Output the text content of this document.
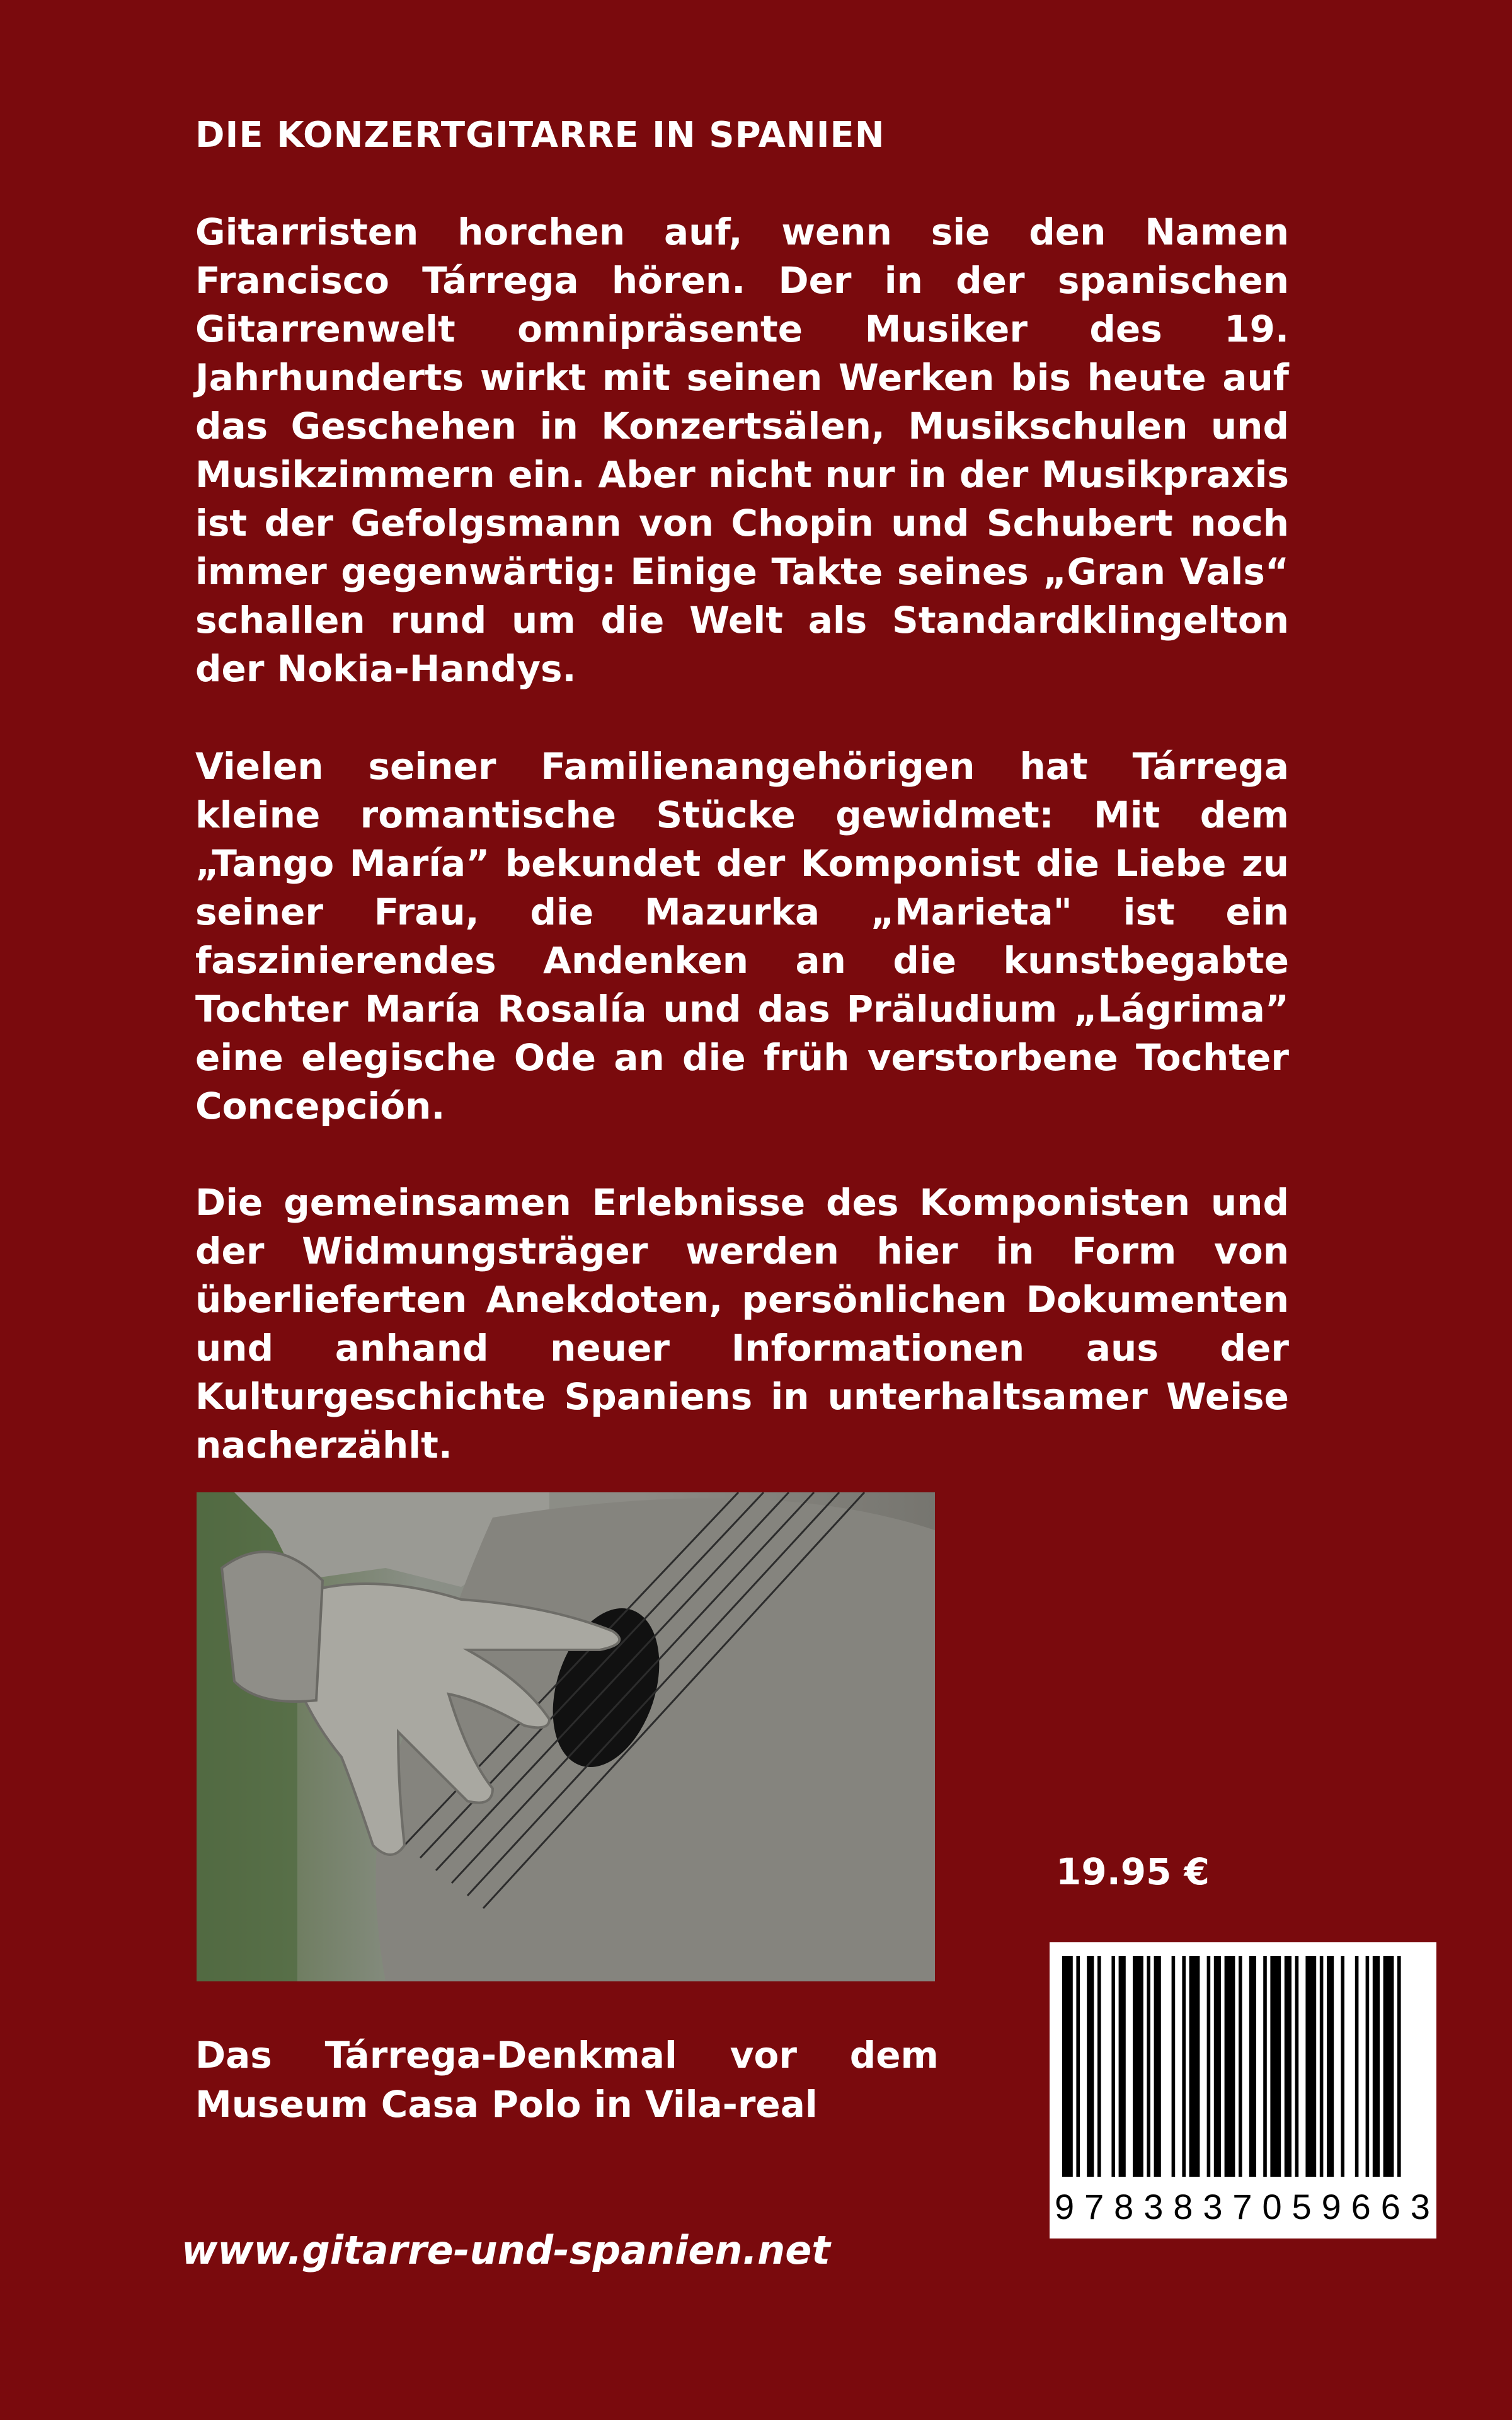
DIE KONZERTGITARRE IN SPANIEN

Gitarristen horchen auf, wenn sie den Namen Francisco Tárrega hören. Der in der spanischen Gitarrenwelt omnipräsente Musiker des 19. Jahrhunderts wirkt mit seinen Werken bis heute auf das Geschehen in Konzertsälen, Musikschulen und Musikzimmern ein. Aber nicht nur in der Musikpraxis ist der Gefolgsmann von Chopin und Schubert noch immer gegenwärtig: Einige Takte seines „Gran Vals“ schallen rund um die Welt als Standardklingelton der Nokia-Handys.

Vielen seiner Familienangehörigen hat Tárrega kleine romantische Stücke gewidmet: Mit dem „Tango María” bekundet der Komponist die Liebe zu seiner Frau, die Mazurka „Marieta" ist ein faszinierendes Andenken an die kunstbegabte Tochter María Rosalía und das Präludium „Lágrima” eine elegische Ode an die früh verstorbene Tochter Concepción.

Die gemeinsamen Erlebnisse des Komponisten und der Widmungsträger werden hier in Form von überlieferten Anekdoten, persönlichen Dokumenten und anhand neuer Informationen aus der Kulturgeschichte Spaniens in unterhaltsamer Weise nacherzählt.

Das Tárrega-Denkmal vor dem Museum Casa Polo in Vila-real

19.95 €
9 7 8 3 8 3 7 0 5 9 6 6 3
www.gitarre-und-spanien.net
